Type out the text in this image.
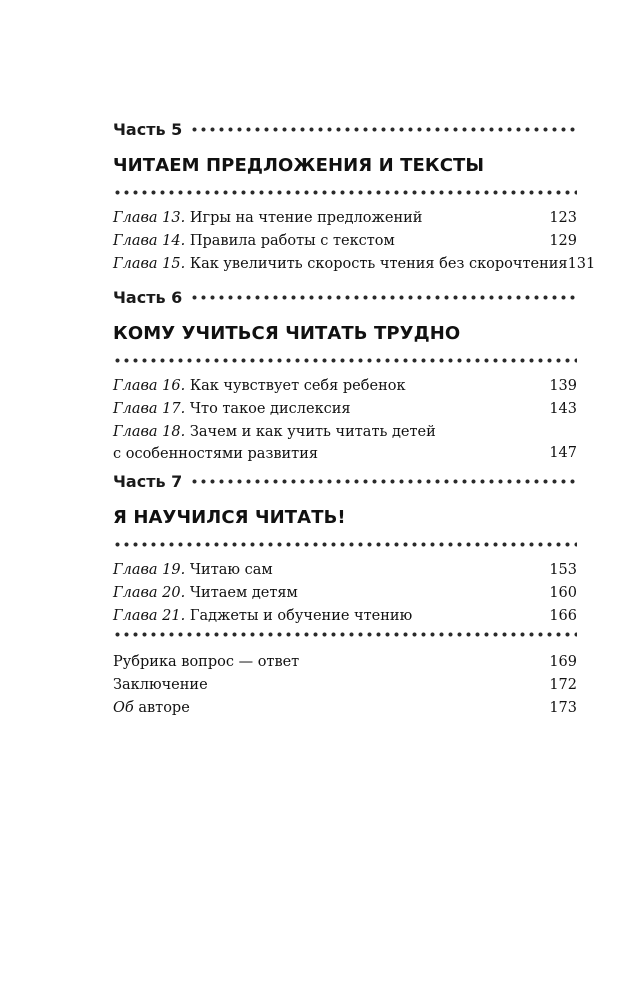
Часть 5
ЧИТАЕМ ПРЕДЛОЖЕНИЯ И ТЕКСТЫ
Глава 13. Игры на чтение предложений	123
Глава 14. Правила работы с текстом	129
Глава 15. Как увеличить скорость чтения без скорочтения 131
Часть 6
КОМУ УЧИТЬСЯ ЧИТАТЬ ТРУДНО
Глава 16. Как чувствует себя ребенок	139
Глава 17. Что такое дислексия	143
Глава 18. Зачем и как учить читать детей
с особенностями развития	147
Часть 7
Я НАУЧИЛСЯ ЧИТАТЬ!
Глава 19. Читаю сам	153
Глава 20. Читаем детям	160
Глава 21. Гаджеты и обучение чтению	166
Рубрика вопрос — ответ	169
Заключение	172
Об авторе	173
